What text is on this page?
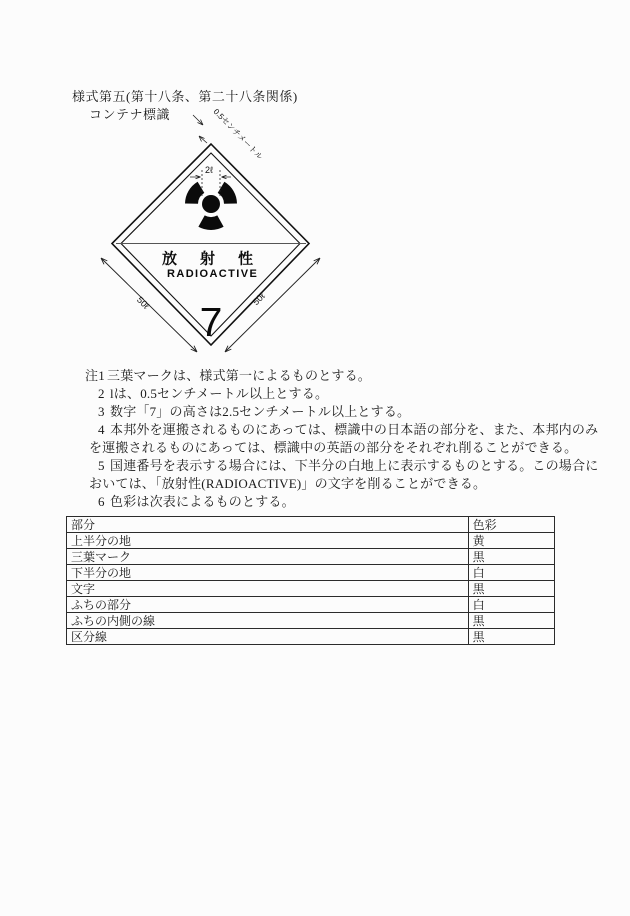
様式第五(第十八条、第二十八条関係)
コンテナ標識
2ℓ
0.5センチメートル
50ℓ	50ℓ
放射性
RADIOACTIVE
7
注1 三葉マークは、様式第一によるものとする。
2 lは、0.5センチメートル以上とする。
3 数字「7」の高さは2.5センチメートル以上とする。
4 本邦外を運搬されるものにあっては、標識中の日本語の部分を、また、本邦内のみ
を運搬されるものにあっては、標識中の英語の部分をそれぞれ削ることができる。
5 国連番号を表示する場合には、下半分の白地上に表示するものとする。この場合に
おいては、「放射性(RADIOACTIVE)」の文字を削ることができる。
6 色彩は次表によるものとする。
部分	色彩
上半分の地	黄
三葉マーク	黒
下半分の地	白
文字	黒
ふちの部分	白
ふちの内側の線	黒
区分線	黒
